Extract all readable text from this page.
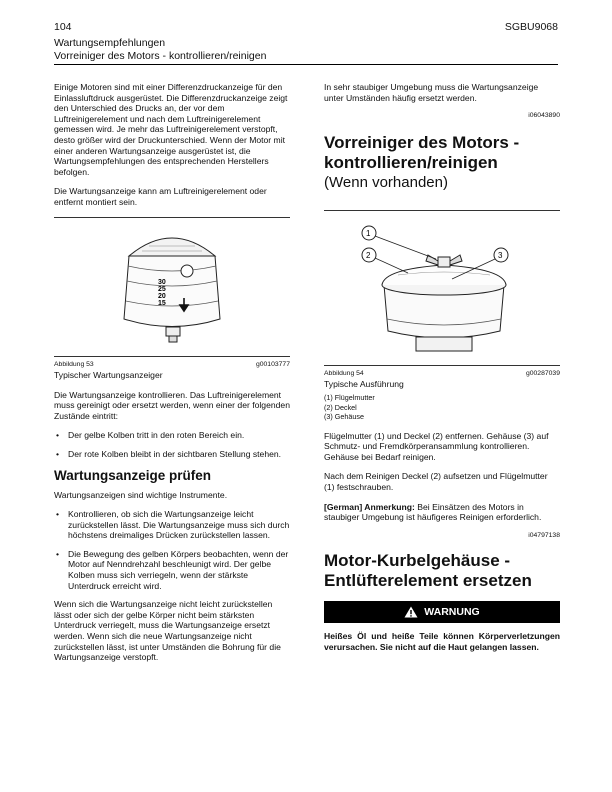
104	SGBU9068
Wartungsempfehlungen
Vorreiniger des Motors - kontrollieren/reinigen

Einige Motoren sind mit einer Differenzdruckanzeige für den Einlassluftdruck ausgerüstet. Die Differenzdruckanzeige zeigt den Unterschied des Drucks an, der vor dem Luftreinigerelement und nach dem Luftreinigerelement gemessen wird. Je mehr das Luftreinigerelement verstopft, desto größer wird der Druckunterschied. Wenn der Motor mit einer anderen Wartungsanzeige ausgerüstet ist, die Wartungsempfehlungen des entsprechenden Herstellers befolgen.

Die Wartungsanzeige kann am Luftreinigerelement oder entfernt montiert sein.

30
25
20
15
Abbildung 53	g00103777
Typischer Wartungsanzeiger

Die Wartungsanzeige kontrollieren. Das Luftreinigerelement muss gereinigt oder ersetzt werden, wenn einer der folgenden Zustände eintritt:

• Der gelbe Kolben tritt in den roten Bereich ein.
• Der rote Kolben bleibt in der sichtbaren Stellung stehen.
Wartungsanzeige prüfen

Wartungsanzeigen sind wichtige Instrumente.

• Kontrollieren, ob sich die Wartungsanzeige leicht zurückstellen lässt. Die Wartungsanzeige muss sich durch höchstens dreimaliges Drücken zurückstellen lassen.
• Die Bewegung des gelben Körpers beobachten, wenn der Motor auf Nenndrehzahl beschleunigt wird. Der gelbe Kolben muss sich verriegeln, wenn der stärkste Unterdruck erreicht wird.

Wenn sich die Wartungsanzeige nicht leicht zurückstellen lässt oder sich der gelbe Körper nicht beim stärksten Unterdruck verriegelt, muss die Wartungsanzeige ersetzt werden. Wenn sich die neue Wartungsanzeige nicht zurückstellen lässt, ist unter Umständen die Bohrung für die Wartungsanzeige verstopft.

In sehr staubiger Umgebung muss die Wartungsanzeige unter Umständen häufig ersetzt werden.

i06043890
Vorreiniger des Motors - kontrollieren/reinigen
(Wenn vorhanden)
1
2	3
Abbildung 54	g00287039
Typische Ausführung
(1) Flügelmutter
(2) Deckel
(3) Gehäuse

Flügelmutter (1) und Deckel (2) entfernen. Gehäuse (3) auf Schmutz- und Fremdkörperansammlung kontrollieren. Gehäuse bei Bedarf reinigen.

Nach dem Reinigen Deckel (2) aufsetzen und Flügelmutter (1) festschrauben.

[German] Anmerkung: Bei Einsätzen des Motors in staubiger Umgebung ist häufigeres Reinigen erforderlich.

i04797138
Motor-Kurbelgehäuse - Entlüfterelement ersetzen
WARNUNG
Heißes Öl und heiße Teile können Körperverletzungen verursachen. Sie nicht auf die Haut gelangen lassen.
